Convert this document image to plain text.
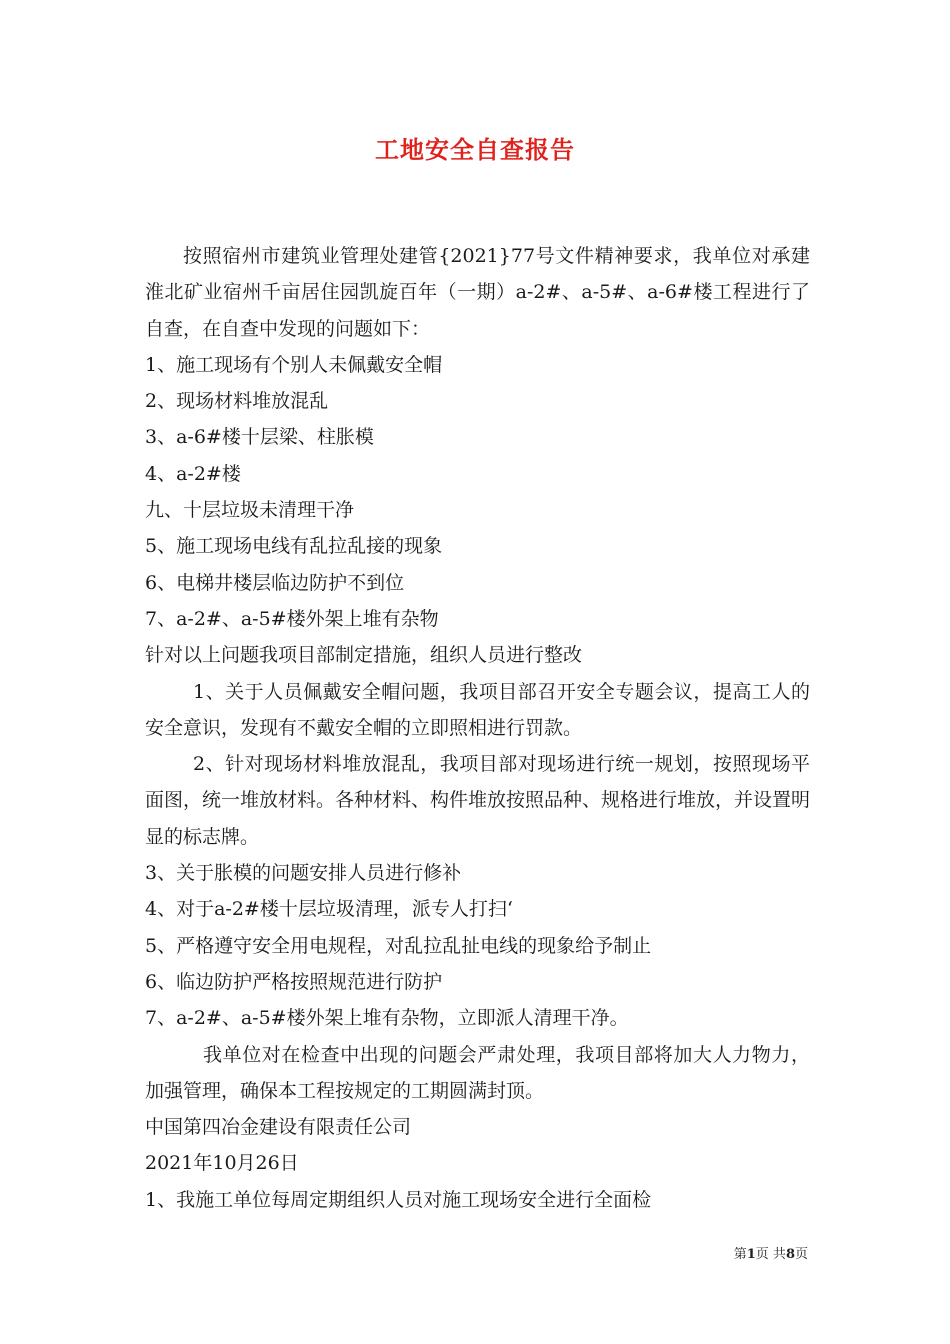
工地安全自查报告

按照宿州市建筑业管理处建管{2021}77号文件精神要求，我单位对承建淮北矿业宿州千亩居住园凯旋百年（一期）a-2#、a-5#、a-6#楼工程进行了自查，在自查中发现的问题如下：

1、施工现场有个别人未佩戴安全帽

2、现场材料堆放混乱

3、a-6#楼十层梁、柱胀模

4、a-2#楼

九、十层垃圾未清理干净

5、施工现场电线有乱拉乱接的现象

6、电梯井楼层临边防护不到位

7、a-2#、a-5#楼外架上堆有杂物

针对以上问题我项目部制定措施，组织人员进行整改

1、关于人员佩戴安全帽问题，我项目部召开安全专题会议，提高工人的安全意识，发现有不戴安全帽的立即照相进行罚款。

2、针对现场材料堆放混乱，我项目部对现场进行统一规划，按照现场平面图，统一堆放材料。各种材料、构件堆放按照品种、规格进行堆放，并设置明显的标志牌。

3、关于胀模的问题安排人员进行修补

4、对于a-2#楼十层垃圾清理，派专人打扫‘

5、严格遵守安全用电规程，对乱拉乱扯电线的现象给予制止

6、临边防护严格按照规范进行防护

7、a-2#、a-5#楼外架上堆有杂物，立即派人清理干净。

我单位对在检查中出现的问题会严肃处理，我项目部将加大人力物力，加强管理，确保本工程按规定的工期圆满封顶。

中国第四冶金建设有限责任公司

2021年10月26日

1、我施工单位每周定期组织人员对施工现场安全进行全面检

第1页 共8页
